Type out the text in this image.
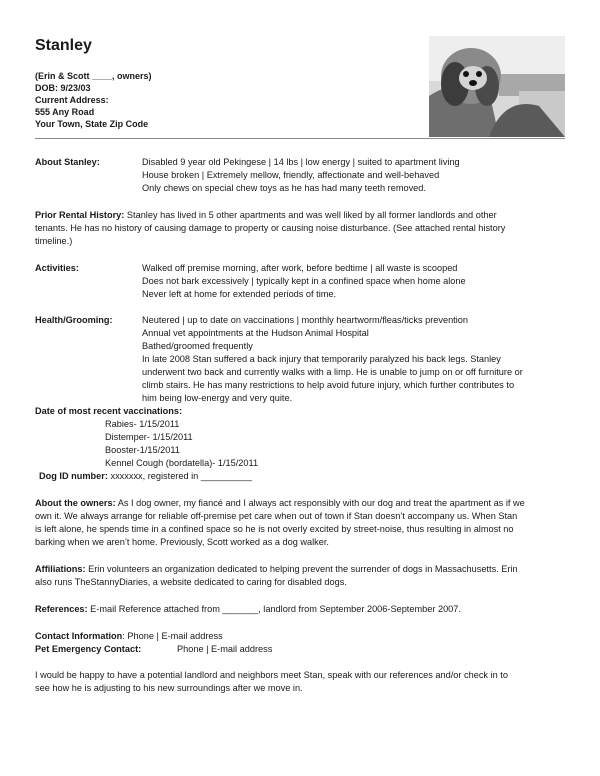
Stanley
(Erin & Scott ____, owners)
DOB: 9/23/03
Current Address:
555 Any Road
Your Town, State Zip Code
About Stanley:	Disabled 9 year old Pekingese | 14 lbs | low energy | suited to apartment living
House broken | Extremely mellow, friendly, affectionate and well-behaved
Only chews on special chew toys as he has had many teeth removed.
Prior Rental History: Stanley has lived in 5 other apartments and was well liked by all former landlords and other
tenants. He has no history of causing damage to property or causing noise disturbance. (See attached rental history
timeline.)
Activities:	Walked off premise morning, after work, before bedtime | all waste is scooped
Does not bark excessively | typically kept in a confined space when home alone
Never left at home for extended periods of time.
Health/Grooming:	Neutered | up to date on vaccinations | monthly heartworm/fleas/ticks prevention
Annual vet appointments at the Hudson Animal Hospital
Bathed/groomed frequently
In late 2008 Stan suffered a back injury that temporarily paralyzed his back legs. Stanley
underwent two back and currently walks with a limp. He is unable to jump on or off furniture or
climb stairs. He has many restrictions to help avoid future injury, which further contributes to
him being low-energy and very quite.
Date of most recent vaccinations:
Rabies- 1/15/2011
Distemper- 1/15/2011
Booster-1/15/2011
Kennel Cough (bordatella)- 1/15/2011
Dog ID number: xxxxxxx, registered in __________
About the owners: As I dog owner, my fiancé and I always act responsibly with our dog and treat the apartment as if we
own it. We always arrange for reliable off-premise pet care when out of town if Stan doesn’t accompany us. When Stan
is left alone, he spends time in a confined space so he is not overly excited by street-noise, thus resulting in almost no
barking when we aren’t home. Previously, Scott worked as a dog walker.
Affiliations: Erin volunteers an organization dedicated to helping prevent the surrender of dogs in Massachusetts. Erin
also runs TheStannyDiaries, a website dedicated to caring for disabled dogs.
References: E-mail Reference attached from _______, landlord from September 2006-September 2007.
Contact Information: Phone | E-mail address
Pet Emergency Contact:	Phone | E-mail address
I would be happy to have a potential landlord and neighbors meet Stan, speak with our references and/or check in to
see how he is adjusting to his new surroundings after we move in.
